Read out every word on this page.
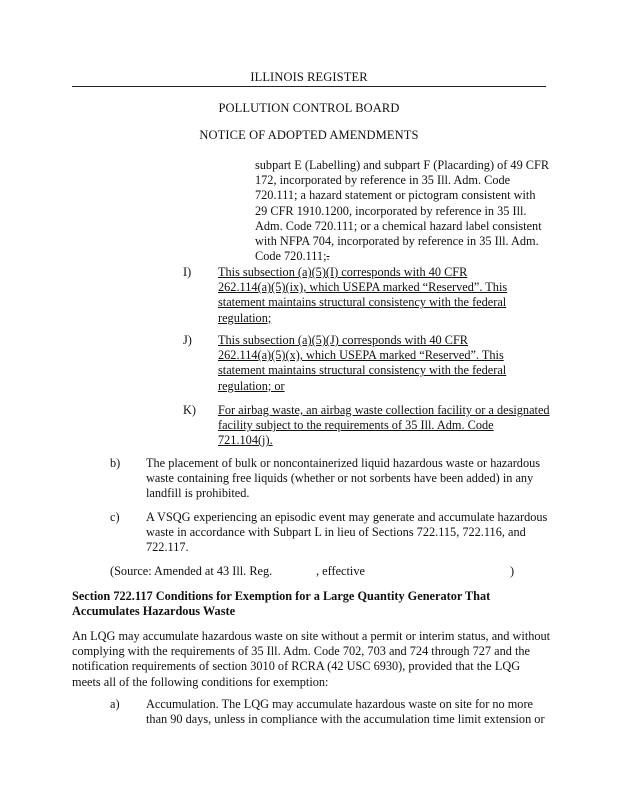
ILLINOIS REGISTER
POLLUTION CONTROL BOARD
NOTICE OF ADOPTED AMENDMENTS
subpart E (Labelling) and subpart F (Placarding) of 49 CFR
172, incorporated by reference in 35 Ill. Adm. Code
720.111; a hazard statement or pictogram consistent with
29 CFR 1910.1200, incorporated by reference in 35 Ill.
Adm. Code 720.111; or a chemical hazard label consistent
with NFPA 704, incorporated by reference in 35 Ill. Adm.
Code 720.111;.
I) This subsection (a)(5)(I) corresponds with 40 CFR
262.114(a)(5)(ix), which USEPA marked “Reserved”. This
statement maintains structural consistency with the federal
regulation;
J) This subsection (a)(5)(J) corresponds with 40 CFR
262.114(a)(5)(x), which USEPA marked “Reserved”. This
statement maintains structural consistency with the federal
regulation; or
K) For airbag waste, an airbag waste collection facility or a designated
facility subject to the requirements of 35 Ill. Adm. Code
721.104(j).
b) The placement of bulk or noncontainerized liquid hazardous waste or hazardous
waste containing free liquids (whether or not sorbents have been added) in any
landfill is prohibited.
c) A VSQG experiencing an episodic event may generate and accumulate hazardous
waste in accordance with Subpart L in lieu of Sections 722.115, 722.116, and
722.117.
(Source: Amended at 43 Ill. Reg.	, effective	)
Section 722.117 Conditions for Exemption for a Large Quantity Generator That
Accumulates Hazardous Waste
An LQG may accumulate hazardous waste on site without a permit or interim status, and without
complying with the requirements of 35 Ill. Adm. Code 702, 703 and 724 through 727 and the
notification requirements of section 3010 of RCRA (42 USC 6930), provided that the LQG
meets all of the following conditions for exemption:
a) Accumulation. The LQG may accumulate hazardous waste on site for no more
than 90 days, unless in compliance with the accumulation time limit extension or
